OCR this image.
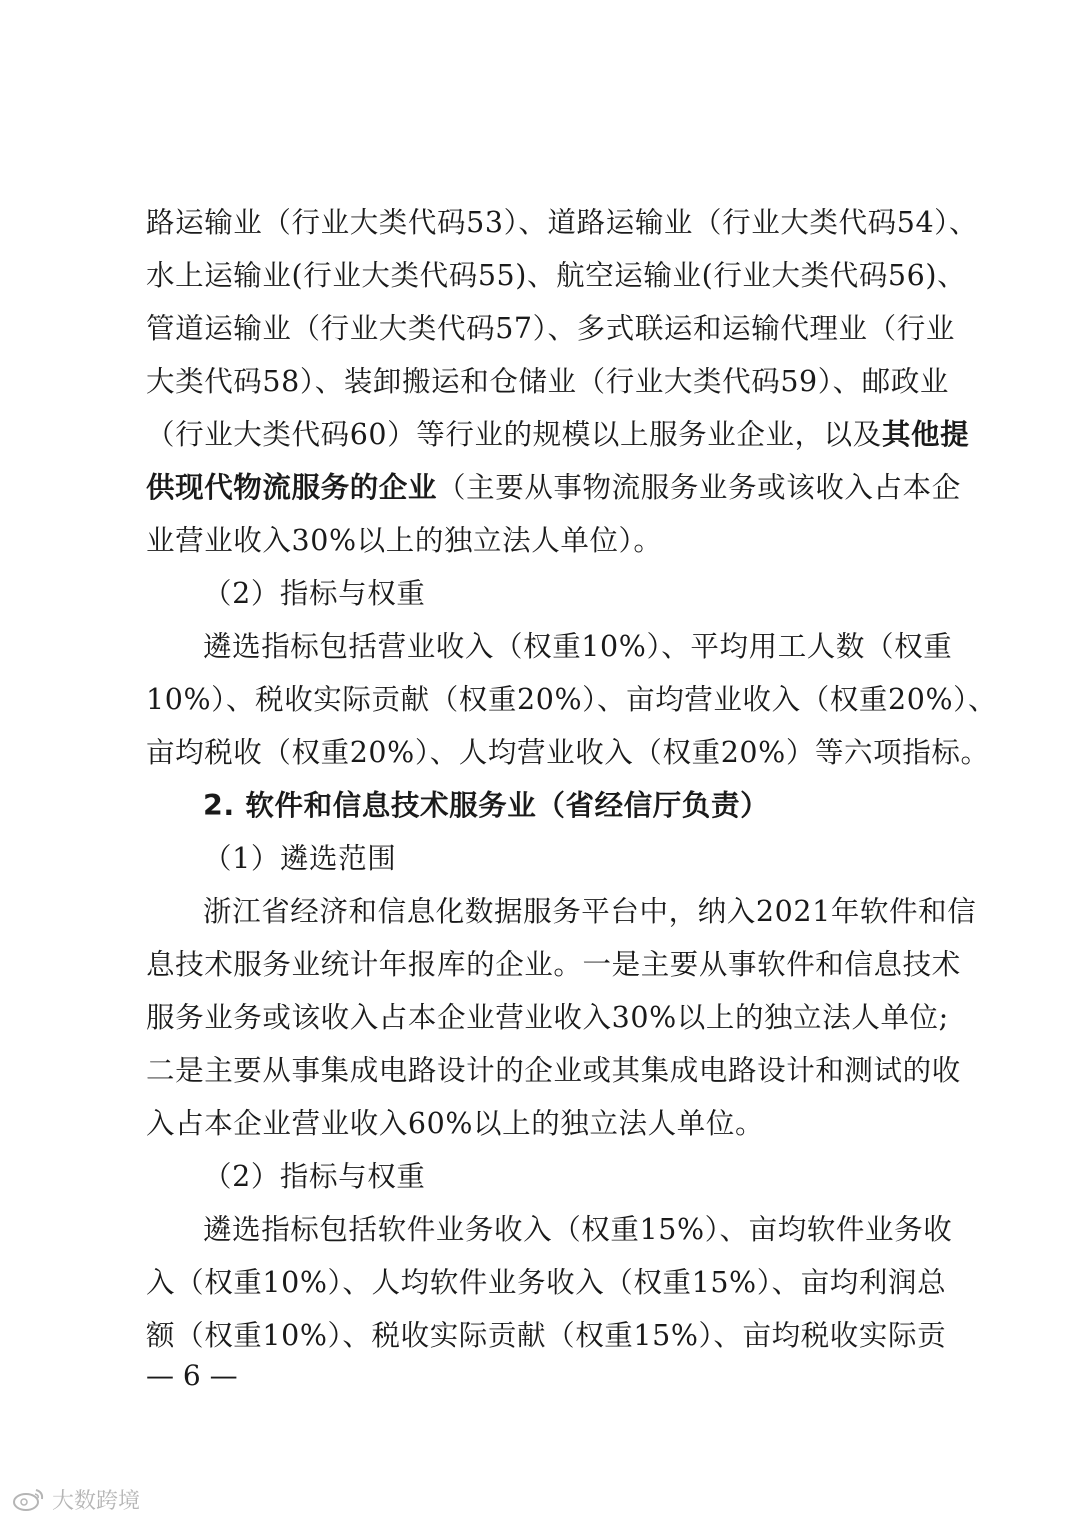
路运输业（行业大类代码53）、道路运输业（行业大类代码54）、
水上运输业(行业大类代码55)、航空运输业(行业大类代码56)、
管道运输业（行业大类代码57）、多式联运和运输代理业（行业
大类代码58）、装卸搬运和仓储业（行业大类代码59）、邮政业
（行业大类代码60）等行业的规模以上服务业企业，以及其他提
供现代物流服务的企业（主要从事物流服务业务或该收入占本企
业营业收入30%以上的独立法人单位）。
（2）指标与权重
遴选指标包括营业收入（权重10%）、平均用工人数（权重
10%）、税收实际贡献（权重20%）、亩均营业收入（权重20%）、
亩均税收（权重20%）、人均营业收入（权重20%）等六项指标。
2. 软件和信息技术服务业（省经信厅负责）
（1）遴选范围
浙江省经济和信息化数据服务平台中，纳入2021年软件和信
息技术服务业统计年报库的企业。一是主要从事软件和信息技术
服务业务或该收入占本企业营业收入30%以上的独立法人单位;
二是主要从事集成电路设计的企业或其集成电路设计和测试的收
入占本企业营业收入60%以上的独立法人单位。
（2）指标与权重
遴选指标包括软件业务收入（权重15%）、亩均软件业务收
入（权重10%）、人均软件业务收入（权重15%）、亩均利润总
额（权重10%）、税收实际贡献（权重15%）、亩均税收实际贡
— 6 —
大数跨境
